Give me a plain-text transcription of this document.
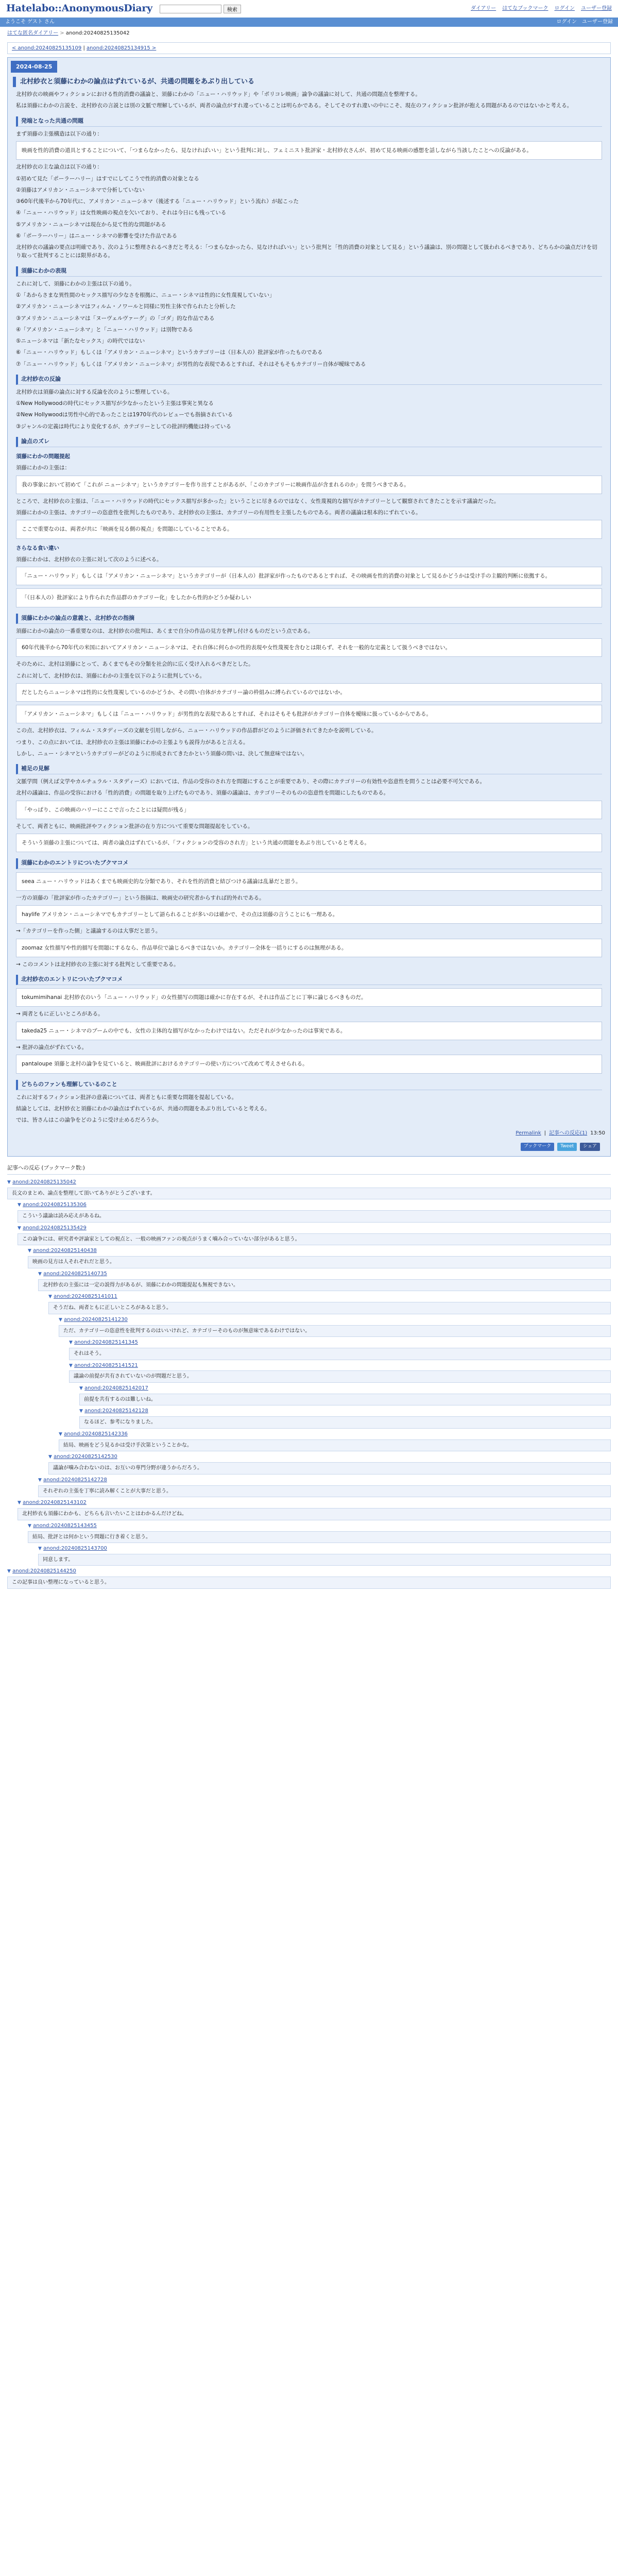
Hatelabo::AnonymousDiary	検索	ダイアリー はてなブックマーク ログイン ユーザー登録
ようこそ ゲスト さん	ログイン ユーザー登録
はてな匿名ダイアリー > anond:20240825135042
< anond:20240825135109 | anond:20240825134915 >
2024-08-25
北村紗衣と須藤にわかの論点はずれているが、共通の問題をあぶり出している

北村紗衣の映画やフィクションにおける性的消費の議論と、須藤にわかの「ニュー・ハリウッド」や「ポリコレ映画」論争の議論に対して、共通の問題点を整理する。

私は須藤にわかの言説を、北村紗衣の言説とは別の文脈で理解しているが、両者の論点がすれ違っていることは明らかである。そしてそのすれ違いの中にこそ、現在のフィクション批評が抱える問題があるのではないかと考える。

発端となった共通の問題

まず須藤の主張構造は以下の通り：

映画を性的消費の道具とすることについて、「つまらなかったら、見なければいい」という批判に対し、フェミニスト批評家・北村紗衣さんが、初めて見る映画の感想を話しながら当該したことへの反論がある。

北村紗衣の主な論点は以下の通り：

①初めて見た「ポーラーハリー」はすでにしてこうで性的消費の対象となる

②須藤はアメリカン・ニューシネマで分析していない

③60年代後半から70年代に、アメリカン・ニューシネマ（後述する「ニュー・ハリウッド」という流れ）が起こった

④「ニュー・ハリウッド」は女性映画の視点を欠いており、それは今日にも残っている

⑤アメリカン・ニューシネマは現在から見て性的な問題がある

⑥「ポーラーハリー」はニュー・シネマの影響を受けた作品である

北村紗衣の議論の要点は明確であり、次のように整理されるべきだと考える：「つまらなかったら、見なければいい」という批判と「性的消費の対象として見る」という議論は、別の問題として扱われるべきであり、どちらかの論点だけを切り取って批判することには限界がある。

須藤にわかの表現

これに対して、須藤にわかの主張は以下の通り。

①「あからさまな異性間のセックス描写の少なさを根拠に、ニュー・シネマは性的に女性蔑視していない」

②アメリカン・ニューシネマはフィルム・ノワールと同様に男性主体で作られたと分析した

③アメリカン・ニューシネマは「ヌーヴェルヴァーグ」の「ゴダ」的な作品である

④「アメリカン・ニューシネマ」と「ニュー・ハリウッド」は別物である

⑤ニューシネマは「新たなセックス」の時代ではない

⑥「ニュー・ハリウッド」もしくは「アメリカン・ニューシネマ」というカテゴリーは（日本人の）批評家が作ったものである

⑦「ニュー・ハリウッド」もしくは「アメリカン・ニューシネマ」が男性的な表現であるとすれば、それはそもそもカテゴリー自体が曖昧である

北村紗衣の反論

北村紗衣は須藤の論点に対する反論を次のように整理している。

①New Hollywoodの時代にセックス描写が少なかったという主張は事実と異なる

②New Hollywoodは男性中心的であったことは1970年代のレビューでも指摘されている

③ジャンルの定義は時代により変化するが、カテゴリーとしての批評的機能は持っている

論点のズレ
須藤にわかの問題提起

須藤にわかの主張は：

我の事象において初めて「これが ニューシネマ」というカテゴリーを作り出すことがあるが、「このカテゴリーに映画作品が含まれるのか」を問うべきである。

ところで、北村紗衣の主張は、「ニュー・ハリウッドの時代にセックス描写が多かった」ということに尽きるのではなく、女性蔑視的な描写がカテゴリーとして観察されてきたことを示す議論だった。

須藤にわかの主張は、カテゴリーの恣意性を批判したものであり、北村紗衣の主張は、カテゴリーの有用性を主張したものである。両者の議論は根本的にずれている。

ここで重要なのは、両者が共に「映画を見る側の視点」を問題にしていることである。

さらなる食い違い

須藤にわかは、北村紗衣の主張に対して次のように述べる。

「ニュー・ハリウッド」もしくは「アメリカン・ニューシネマ」というカテゴリーが（日本人の）批評家が作ったものであるとすれば、その映画を性的消費の対象として見るかどうかは受け手の主観的判断に依拠する。

「（日本人の）批評家により作られた作品群のカテゴリー化」をしたから性的かどうか疑わしい

須藤にわかの論点の意義と、北村紗衣の指摘

須藤にわかの論点の一番重要なのは、北村紗衣の批判は、あくまで自分の作品の見方を押し付けるものだという点である。

60年代後半から70年代の米国においてアメリカン・ニューシネマは、それ自体に何らかの性的表現や女性蔑視を含むとは限らず、それを一般的な定義として扱うべきではない。

そのために、北村は須藤にとって、あくまでもその分類を社会的に広く受け入れるべきだとした。

これに対して、北村紗衣は、須藤にわかの主張を以下のように批判している。

だとしたらニューシネマは性的に女性蔑視しているのかどうか、その問い自体がカテゴリー論の枠組みに縛られているのではないか。

「アメリカン・ニューシネマ」もしくは「ニュー・ハリウッド」が男性的な表現であるとすれば、それはそもそも批評がカテゴリー自体を曖昧に扱っているからである。

この点、北村紗衣は、フィルム・スタディーズの文献を引用しながら、ニュー・ハリウッドの作品群がどのように評価されてきたかを説明している。

つまり、この点においては、北村紗衣の主張は須藤にわかの主張よりも説得力があると言える。

しかし、ニュー・シネマというカテゴリーがどのように形成されてきたかという須藤の問いは、決して無意味ではない。

補足の見解

文脈学問（例えば文学やカルチュラル・スタディーズ）においては、作品の受容のされ方を問題にすることが重要であり、その際にカテゴリーの有効性や恣意性を問うことは必要不可欠である。

北村の議論は、作品の受容における「性的消費」の問題を取り上げたものであり、須藤の議論は、カテゴリーそのものの恣意性を問題にしたものである。

「やっぱり、この映画のハリーにここで言ったことには疑問が残る」

そして、両者ともに、映画批評やフィクション批評の在り方について重要な問題提起をしている。

そういう須藤の主張については、両者の論点はずれているが、「フィクションの受容のされ方」という共通の問題をあぶり出していると考える。

須藤にわかのエントリについたブクマコメ

seea ニュー・ハリウッドはあくまでも映画史的な分類であり、それを性的消費と結びつける議論は乱暴だと思う。

一方の須藤の「批評家が作ったカテゴリー」という指摘は、映画史の研究者からすれば的外れである。

haylife アメリカン・ニューシネマでもカテゴリーとして語られることが多いのは確かで、その点は須藤の言うことにも一理ある。

→「カテゴリーを作った側」と議論するのは大事だと思う。

zoomaz 女性描写や性的描写を問題にするなら、作品単位で論じるべきではないか。カテゴリー全体を一括りにするのは無理がある。

→ このコメントは北村紗衣の主張に対する批判として重要である。

北村紗衣のエントリについたブクマコメ

tokumimihanai 北村紗衣のいう「ニュー・ハリウッド」の女性描写の問題は確かに存在するが、それは作品ごとに丁寧に論じるべきものだ。

→ 両者ともに正しいところがある。

takeda25 ニュー・シネマのブームの中でも、女性の主体的な描写がなかったわけではない。ただそれが少なかったのは事実である。

→ 批評の論点がずれている。

pantaloupe 須藤と北村の論争を見ていると、映画批評におけるカテゴリーの使い方について改めて考えさせられる。

どちらのファンも理解しているのこと

これに対するフィクション批評の意義については、両者ともに重要な問題を提起している。

結論としては、北村紗衣と須藤にわかの論点はずれているが、共通の問題をあぶり出していると考える。

では、皆さんはこの論争をどのように受け止めるだろうか。

Permalink | 記事への反応(1) 13:50
ブックマーク	Tweet	シェア
記事への反応 (ブックマーク数:)
▼ anond:20240825135042
長文のまとめ、論点を整理して頂いてありがとうございます。
▼ anond:20240825135306
こういう議論は読み応えがあるね。
▼ anond:20240825135429
この論争には、研究者や評論家としての視点と、一般の映画ファンの視点がうまく噛み合っていない部分があると思う。
▼ anond:20240825140438
映画の見方は人それぞれだと思う。
▼ anond:20240825140735
北村紗衣の主張には一定の説得力があるが、須藤にわかの問題提起も無視できない。
▼ anond:20240825141011
そうだね、両者ともに正しいところがあると思う。
▼ anond:20240825141230
ただ、カテゴリーの恣意性を批判するのはいいけれど、カテゴリーそのものが無意味であるわけではない。
▼ anond:20240825141345
それはそう。
▼ anond:20240825141521
議論の前提が共有されていないのが問題だと思う。
▼ anond:20240825142017
前提を共有するのは難しいね。
▼ anond:20240825142128
なるほど、参考になりました。
▼ anond:20240825142336
結局、映画をどう見るかは受け手次第ということかな。
▼ anond:20240825142530
議論が噛み合わないのは、お互いの専門分野が違うからだろう。
▼ anond:20240825142728
それぞれの主張を丁寧に読み解くことが大事だと思う。
▼ anond:20240825143102
北村紗衣も須藤にわかも、どちらも言いたいことはわかるんだけどね。
▼ anond:20240825143455
結局、批評とは何かという問題に行き着くと思う。
▼ anond:20240825143700
同意します。
▼ anond:20240825144250
この記事は良い整理になっていると思う。
